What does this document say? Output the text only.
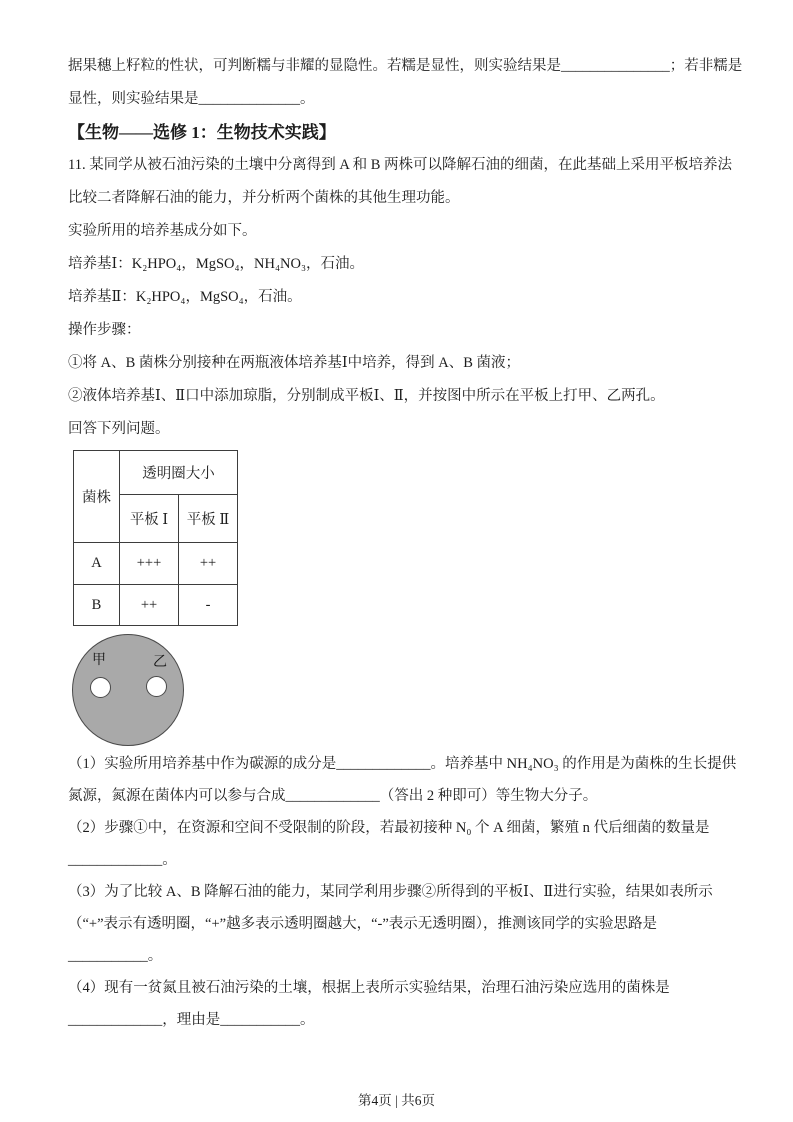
据果穗上籽粒的性状，可判断糯与非耀的显隐性。若糯是显性，则实验结果是_______________；若非糯是
显性，则实验结果是______________。
【生物——选修 1：生物技术实践】
11. 某同学从被石油污染的土壤中分离得到 A 和 B 两株可以降解石油的细菌，在此基础上采用平板培养法
比较二者降解石油的能力，并分析两个菌株的其他生理功能。
实验所用的培养基成分如下。
培养基Ⅰ：K₂HPO₄，MgSO₄，NH₄NO₃，石油。
培养基Ⅱ：K₂HPO₄，MgSO₄，石油。
操作步骤：
①将 A、B 菌株分别接种在两瓶液体培养基Ⅰ中培养，得到 A、B 菌液；
②液体培养基Ⅰ、Ⅱ口中添加琼脂，分别制成平板Ⅰ、Ⅱ，并按图中所示在平板上打甲、乙两孔。
回答下列问题。
菌株	透明圈大小	
	平板 Ⅰ	平板 Ⅱ
A	+++	++
B	++	-
甲	乙
（1）实验所用培养基中作为碳源的成分是_____________。培养基中 NH₄NO₃ 的作用是为菌株的生长提供
氮源，氮源在菌体内可以参与合成_____________（答出 2 种即可）等生物大分子。
（2）步骤①中，在资源和空间不受限制的阶段，若最初接种 N₀ 个 A 细菌，繁殖 n 代后细菌的数量是
_____________。
（3）为了比较 A、B 降解石油的能力，某同学利用步骤②所得到的平板Ⅰ、Ⅱ进行实验，结果如表所示
（“+”表示有透明圈，“+”越多表示透明圈越大，“-”表示无透明圈），推测该同学的实验思路是
___________。
（4）现有一贫氮且被石油污染的土壤，根据上表所示实验结果，治理石油污染应选用的菌株是
_____________，理由是___________。
第4页 | 共6页
